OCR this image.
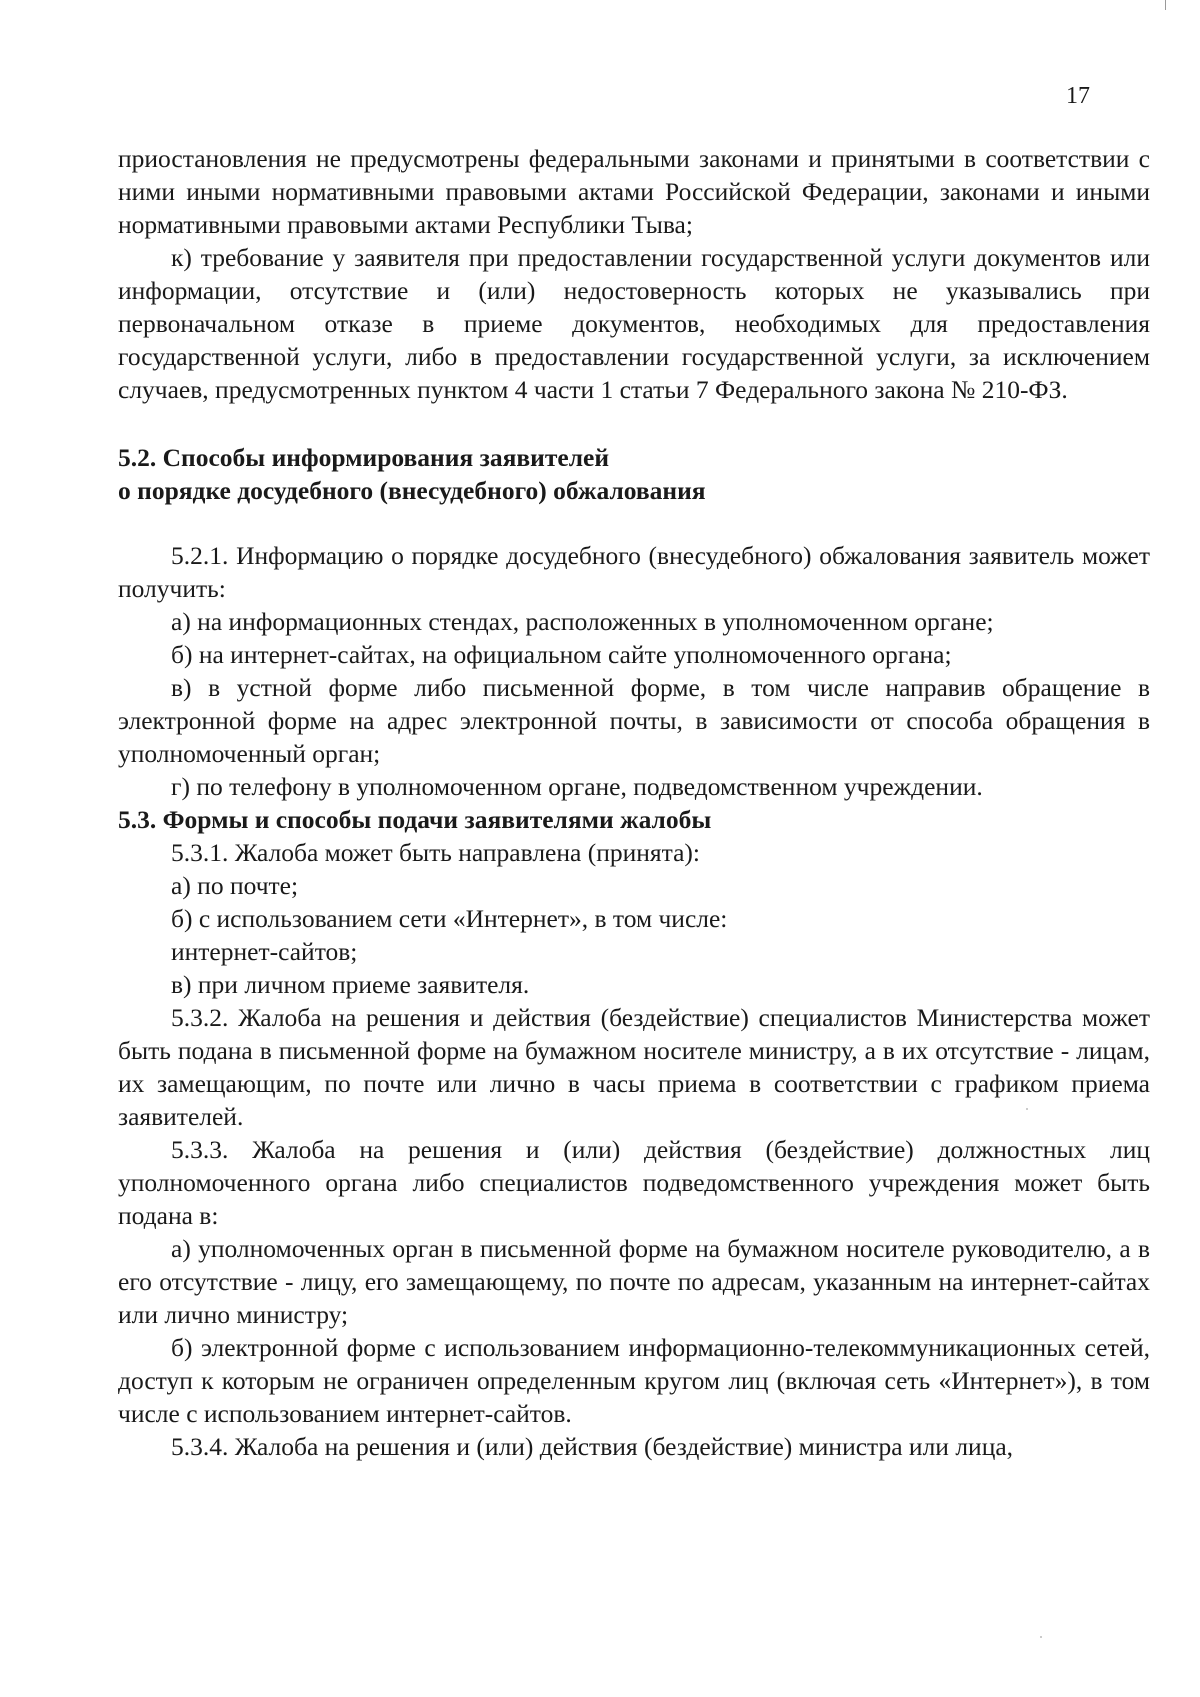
17

приостановления не предусмотрены федеральными законами и принятыми в соответствии с ними иными нормативными правовыми актами Российской Федерации, законами и иными нормативными правовыми актами Республики Тыва;

к) требование у заявителя при предоставлении государственной услуги документов или информации, отсутствие и (или) недостоверность которых не указывались при первоначальном отказе в приеме документов, необходимых для предоставления государственной услуги, либо в предоставлении государственной услуги, за исключением случаев, предусмотренных пунктом 4 части 1 статьи 7 Федерального закона № 210-ФЗ.

5.2. Способы информирования заявителей

о порядке досудебного (внесудебного) обжалования

5.2.1. Информацию о порядке досудебного (внесудебного) обжалования заявитель может получить:

а) на информационных стендах, расположенных в уполномоченном органе;

б) на интернет-сайтах, на официальном сайте уполномоченного органа;

в) в устной форме либо письменной форме, в том числе направив обращение в электронной форме на адрес электронной почты, в зависимости от способа обращения в уполномоченный орган;

г) по телефону в уполномоченном органе, подведомственном учреждении.

5.3. Формы и способы подачи заявителями жалобы

5.3.1. Жалоба может быть направлена (принята):

а) по почте;

б) с использованием сети «Интернет», в том числе:

интернет-сайтов;

в) при личном приеме заявителя.

5.3.2. Жалоба на решения и действия (бездействие) специалистов Министерства может быть подана в письменной форме на бумажном носителе министру, а в их отсутствие - лицам, их замещающим, по почте или лично в часы приема в соответствии с графиком приема заявителей.

5.3.3. Жалоба на решения и (или) действия (бездействие) должностных лиц уполномоченного органа либо специалистов подведомственного учреждения может быть подана в:

а) уполномоченных орган в письменной форме на бумажном носителе руководителю, а в его отсутствие - лицу, его замещающему, по почте по адресам, указанным на интернет-сайтах или лично министру;

б) электронной форме с использованием информационно-телекоммуникационных сетей, доступ к которым не ограничен определенным кругом лиц (включая сеть «Интернет»), в том числе с использованием интернет-сайтов.

5.3.4. Жалоба на решения и (или) действия (бездействие) министра или лица,
